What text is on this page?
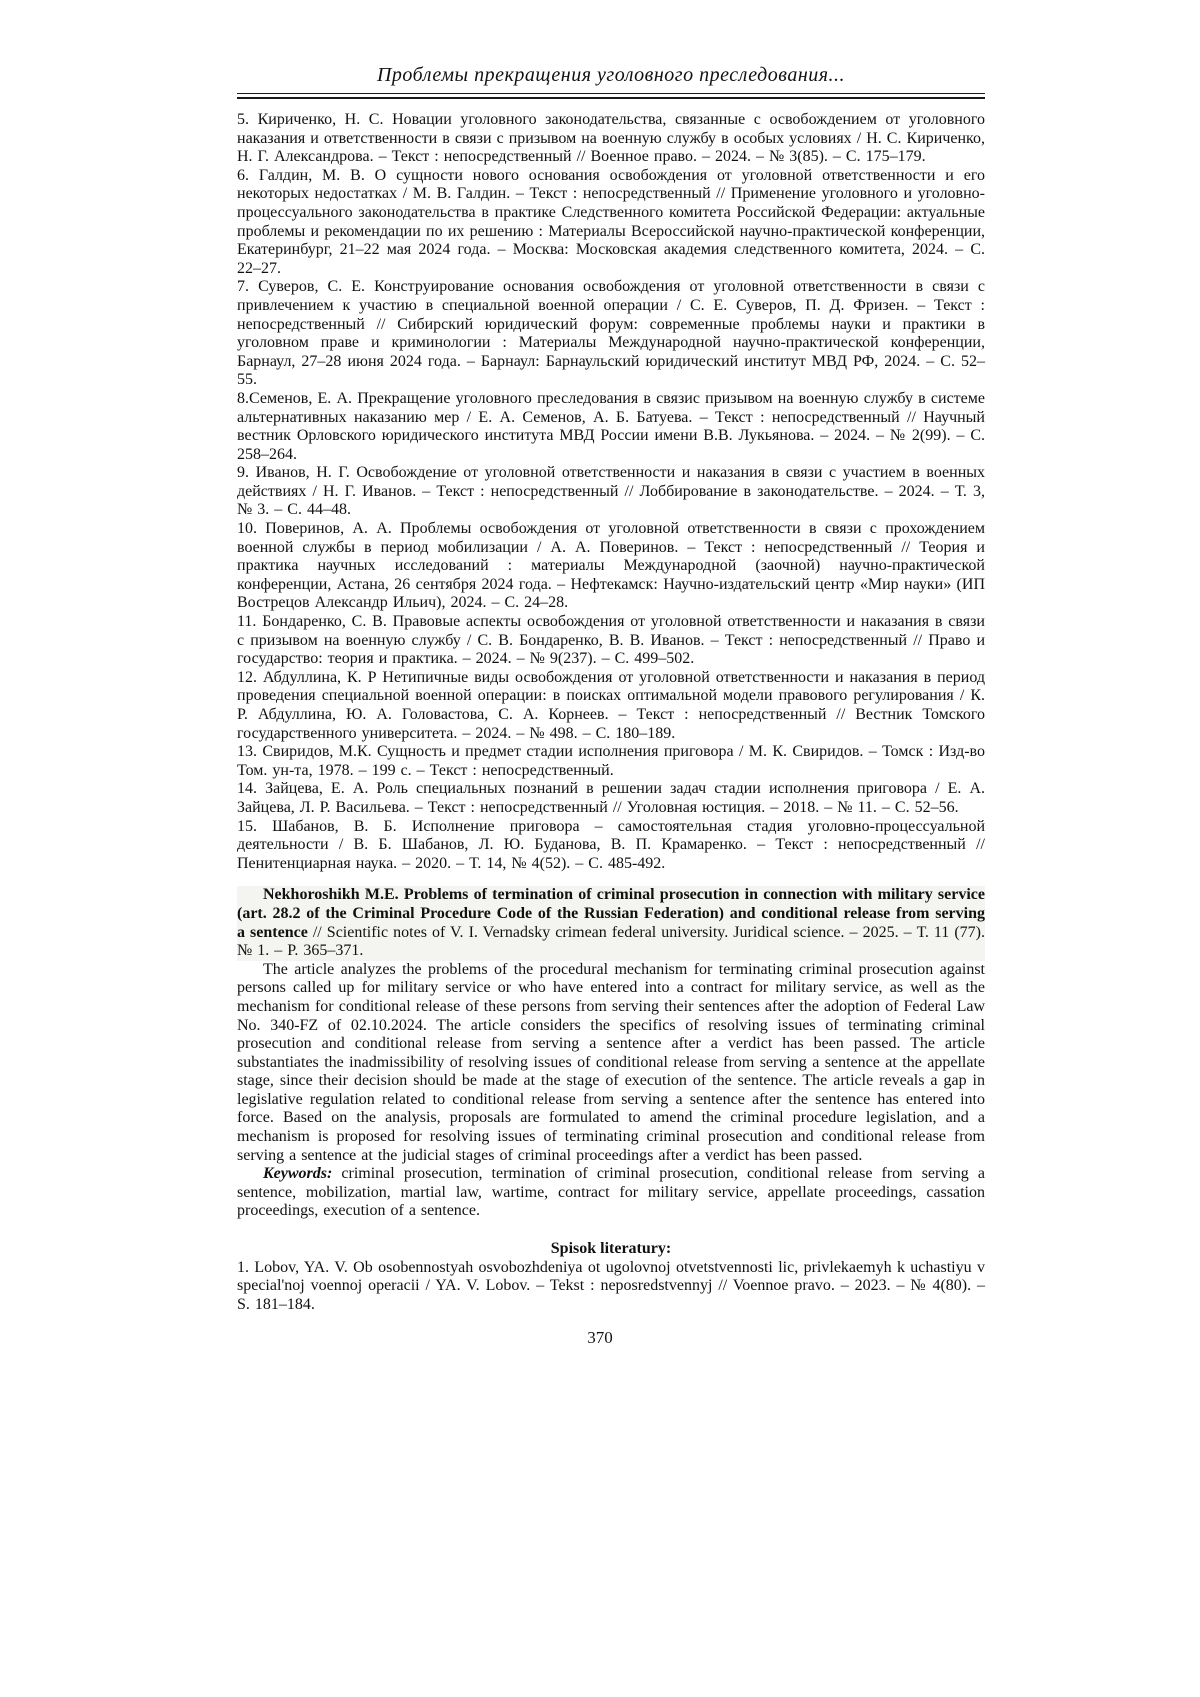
Проблемы прекращения уголовного преследования...

5. Кириченко, Н. С. Новации уголовного законодательства, связанные с освобождением от уголовного наказания и ответственности в связи с призывом на военную службу в особых условиях / Н. С. Кириченко, Н. Г. Александрова. – Текст : непосредственный // Военное право. – 2024. – № 3(85). – С. 175–179.

6. Галдин, М. В. О сущности нового основания освобождения от уголовной ответственности и его некоторых недостатках / М. В. Галдин. – Текст : непосредственный // Применение уголовного и уголовно-процессуального законодательства в практике Следственного комитета Российской Федерации: актуальные проблемы и рекомендации по их решению : Материалы Всероссийской научно-практической конференции, Екатеринбург, 21–22 мая 2024 года. – Москва: Московская академия следственного комитета, 2024. – С. 22–27.

7. Суверов, С. Е. Конструирование основания освобождения от уголовной ответственности в связи с привлечением к участию в специальной военной операции / С. Е. Суверов, П. Д. Фризен. – Текст : непосредственный // Сибирский юридический форум: современные проблемы науки и практики в уголовном праве и криминологии : Материалы Международной научно-практической конференции, Барнаул, 27–28 июня 2024 года. – Барнаул: Барнаульский юридический институт МВД РФ, 2024. – С. 52–55.

8.Семенов, Е. А. Прекращение уголовного преследования в связис призывом на военную службу в системе альтернативных наказанию мер / Е. А. Семенов, А. Б. Батуева. – Текст : непосредственный // Научный вестник Орловского юридического института МВД России имени В.В. Лукьянова. – 2024. – № 2(99). – С. 258–264.

9. Иванов, Н. Г. Освобождение от уголовной ответственности и наказания в связи с участием в военных действиях / Н. Г. Иванов. – Текст : непосредственный // Лоббирование в законодательстве. – 2024. – Т. 3, № 3. – С. 44–48.

10. Поверинов, А. А. Проблемы освобождения от уголовной ответственности в связи с прохождением военной службы в период мобилизации / А. А. Поверинов. – Текст : непосредственный // Теория и практика научных исследований : материалы Международной (заочной) научно-практической конференции, Астана, 26 сентября 2024 года. – Нефтекамск: Научно-издательский центр «Мир науки» (ИП Вострецов Александр Ильич), 2024. – С. 24–28.

11. Бондаренко, С. В. Правовые аспекты освобождения от уголовной ответственности и наказания в связи с призывом на военную службу / С. В. Бондаренко, В. В. Иванов. – Текст : непосредственный // Право и государство: теория и практика. – 2024. – № 9(237). – С. 499–502.

12. Абдуллина, К. Р Нетипичные виды освобождения от уголовной ответственности и наказания в период проведения специальной военной операции: в поисках оптимальной модели правового регулирования / К. Р. Абдуллина, Ю. А. Головастова, С. А. Корнеев. – Текст : непосредственный // Вестник Томского государственного университета. – 2024. – № 498. – С. 180–189.

13. Свиридов, М.К. Сущность и предмет стадии исполнения приговора / М. К. Свиридов. – Томск : Изд-во Том. ун-та, 1978. – 199 с. – Текст : непосредственный.

14. Зайцева, Е. А. Роль специальных познаний в решении задач стадии исполнения приговора / Е. А. Зайцева, Л. Р. Васильева. – Текст : непосредственный // Уголовная юстиция. – 2018. – № 11. – С. 52–56.

15. Шабанов, В. Б. Исполнение приговора – самостоятельная стадия уголовно-процессуальной деятельности / В. Б. Шабанов, Л. Ю. Буданова, В. П. Крамаренко. – Текст : непосредственный // Пенитенциарная наука. – 2020. – Т. 14, № 4(52). – С. 485-492.

Nekhoroshikh M.E. Problems of termination of criminal prosecution in connection with military service (art. 28.2 of the Criminal Procedure Code of the Russian Federation) and conditional release from serving a sentence // Scientific notes of V. I. Vernadsky crimean federal university. Juridical science. – 2025. – Т. 11 (77). № 1. – P. 365–371.

The article analyzes the problems of the procedural mechanism for terminating criminal prosecution against persons called up for military service or who have entered into a contract for military service, as well as the mechanism for conditional release of these persons from serving their sentences after the adoption of Federal Law No. 340-FZ of 02.10.2024. The article considers the specifics of resolving issues of terminating criminal prosecution and conditional release from serving a sentence after a verdict has been passed. The article substantiates the inadmissibility of resolving issues of conditional release from serving a sentence at the appellate stage, since their decision should be made at the stage of execution of the sentence. The article reveals a gap in legislative regulation related to conditional release from serving a sentence after the sentence has entered into force. Based on the analysis, proposals are formulated to amend the criminal procedure legislation, and a mechanism is proposed for resolving issues of terminating criminal prosecution and conditional release from serving a sentence at the judicial stages of criminal proceedings after a verdict has been passed.

Keywords: criminal prosecution, termination of criminal prosecution, conditional release from serving a sentence, mobilization, martial law, wartime, contract for military service, appellate proceedings, cassation proceedings, execution of a sentence.

Spisok literatury:

1. Lobov, YA. V. Ob osobennostyah osvobozhdeniya ot ugolovnoj otvetstvennosti lic, privlekaemyh k uchastiyu v special'noj voennoj operacii / YA. V. Lobov. – Tekst : neposredstvennyj // Voennoe pravo. – 2023. – № 4(80). – S. 181–184.

370
